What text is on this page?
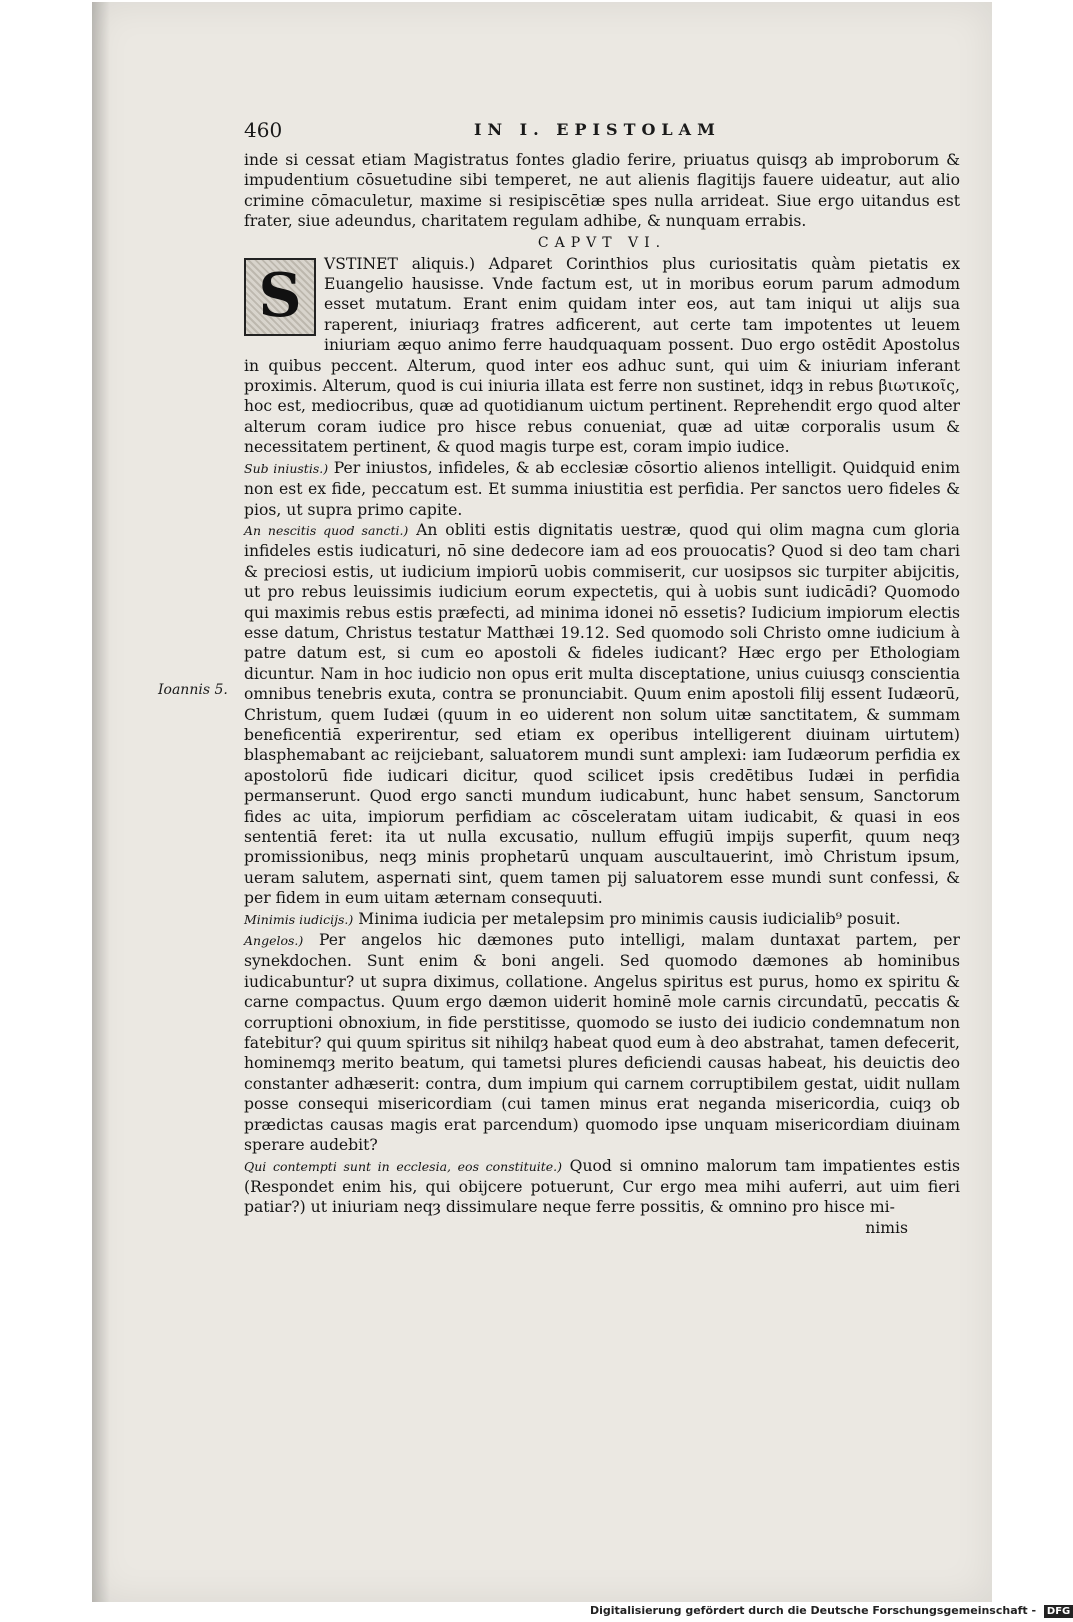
460	IN I. EPISTOLAM
Ioannis 5.

inde si cessat etiam Magistratus fontes gladio ferire, priuatus quisqȝ ab improborum & impudentium cōsuetudine sibi temperet, ne aut alienis flagitijs fauere uideatur, aut alio crimine cōmaculetur, maxime si resipiscētiæ spes nulla arrideat. Siue ergo uitandus est frater, siue adeundus, charitatem regulam adhibe, & nunquam errabis.

CAPVT VI.

S	VSTINET aliquis.) Adparet Corinthios plus curiositatis quàm pietatis ex Euangelio hausisse. Vnde factum est, ut in moribus eorum parum admodum esset mutatum. Erant enim quidam inter eos, aut tam iniqui ut alijs sua raperent, iniuriaqȝ fratres adficerent, aut certe tam impotentes ut leuem iniuriam æquo animo ferre haudquaquam possent. Duo ergo ostēdit Apostolus in quibus peccent. Alterum, quod inter eos adhuc sunt, qui uim & iniuriam inferant proximis. Alterum, quod is cui iniuria illata est ferre non sustinet, idqȝ in rebus βιωτικοῖς, hoc est, mediocribus, quæ ad quotidianum uictum pertinent. Reprehendit ergo quod alter alterum coram iudice pro hisce rebus conueniat, quæ ad uitæ corporalis usum & necessitatem pertinent, & quod magis turpe est, coram impio iudice.

Sub iniustis.) Per iniustos, infideles, & ab ecclesiæ cōsortio alienos intelligit. Quidquid enim non est ex fide, peccatum est. Et summa iniustitia est perfidia. Per sanctos uero fideles & pios, ut supra primo capite.

An nescitis quod sancti.) An obliti estis dignitatis uestræ, quod qui olim magna cum gloria infideles estis iudicaturi, nō sine dedecore iam ad eos prouocatis? Quod si deo tam chari & preciosi estis, ut iudicium impiorū uobis commiserit, cur uosipsos sic turpiter abijcitis, ut pro rebus leuissimis iudicium eorum expectetis, qui à uobis sunt iudicādi? Quomodo qui maximis rebus estis præfecti, ad minima idonei nō essetis? Iudicium impiorum electis esse datum, Christus testatur Matthæi 19.12. Sed quomodo soli Christo omne iudicium à patre datum est, si cum eo apostoli & fideles iudicant? Hæc ergo per Ethologiam dicuntur. Nam in hoc iudicio non opus erit multa disceptatione, unius cuiusqȝ conscientia omnibus tenebris exuta, contra se pronunciabit. Quum enim apostoli filij essent Iudæorū, Christum, quem Iudæi (quum in eo uiderent non solum uitæ sanctitatem, & summam beneficentiā experirentur, sed etiam ex operibus intelligerent diuinam uirtutem) blasphemabant ac reijciebant, saluatorem mundi sunt amplexi: iam Iudæorum perfidia ex apostolorū fide iudicari dicitur, quod scilicet ipsis credētibus Iudæi in perfidia permanserunt. Quod ergo sancti mundum iudicabunt, hunc habet sensum, Sanctorum fides ac uita, impiorum perfidiam ac cōsceleratam uitam iudicabit, & quasi in eos sententiā feret: ita ut nulla excusatio, nullum effugiū impijs superfit, quum neqȝ promissionibus, neqȝ minis prophetarū unquam auscultauerint, imò Christum ipsum, ueram salutem, aspernati sint, quem tamen pij saluatorem esse mundi sunt confessi, & per fidem in eum uitam æternam consequuti.

Minimis iudicijs.) Minima iudicia per metalepsim pro minimis causis iudicialib⁹ posuit.

Angelos.) Per angelos hic dæmones puto intelligi, malam duntaxat partem, per synekdochen. Sunt enim & boni angeli. Sed quomodo dæmones ab hominibus iudicabuntur? ut supra diximus, collatione. Angelus spiritus est purus, homo ex spiritu & carne compactus. Quum ergo dæmon uiderit hominē mole carnis circundatū, peccatis & corruptioni obnoxium, in fide perstitisse, quomodo se iusto dei iudicio condemnatum non fatebitur? qui quum spiritus sit nihilqȝ habeat quod eum à deo abstrahat, tamen defecerit, hominemqȝ merito beatum, qui tametsi plures deficiendi causas habeat, his deuictis deo constanter adhæserit: contra, dum impium qui carnem corruptibilem gestat, uidit nullam posse consequi misericordiam (cui tamen minus erat neganda misericordia, cuiqȝ ob prædictas causas magis erat parcendum) quomodo ipse unquam misericordiam diuinam sperare audebit?

Qui contempti sunt in ecclesia, eos constituite.) Quod si omnino malorum tam impatientes estis (Respondet enim his, qui obijcere potuerunt, Cur ergo mea mihi auferri, aut uim fieri patiar?) ut iniuriam neqȝ dissimulare neque ferre possitis, & omnino pro hisce mi-

nimis

Digitalisierung gefördert durch die Deutsche Forschungsgemeinschaft - DFG
